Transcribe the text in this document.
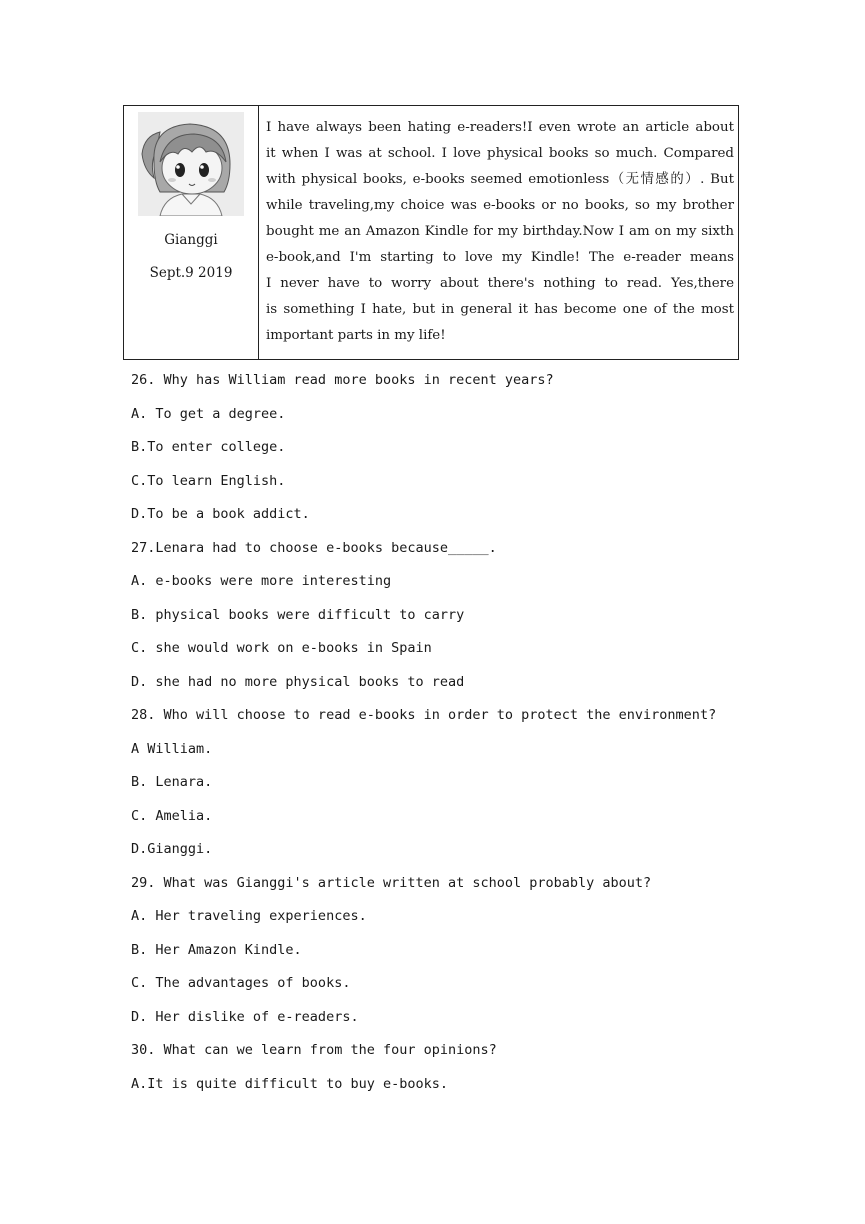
Gianggi
Sept.9 2019
I have always been hating e-readers!I even wrote an article about
it when I was at school. I love physical books so much. Compared
with physical books, e-books seemed emotionless（无情感的）. But
while traveling,my choice was e-books or no books, so my brother
bought me an Amazon Kindle for my birthday.Now I am on my sixth
e-book,and I'm starting to love my Kindle! The e-reader means
I never have to worry about there's nothing to read. Yes,there
is something I hate, but in general it has become one of the most
important parts in my life!
26. Why has William read more books in recent years?
A. To get a degree.
B.To enter college.
C.To learn English.
D.To be a book addict.
27.Lenara had to choose e-books because_____.
A. e-books were more interesting
B. physical books were difficult to carry
C. she would work on e-books in Spain
D. she had no more physical books to read
28. Who will choose to read e-books in order to protect the environment?
A William.
B. Lenara.
C. Amelia.
D.Gianggi.
29. What was Gianggi's article written at school probably about?
A. Her traveling experiences.
B. Her Amazon Kindle.
C. The advantages of books.
D. Her dislike of e-readers.
30. What can we learn from the four opinions?
A.It is quite difficult to buy e-books.
